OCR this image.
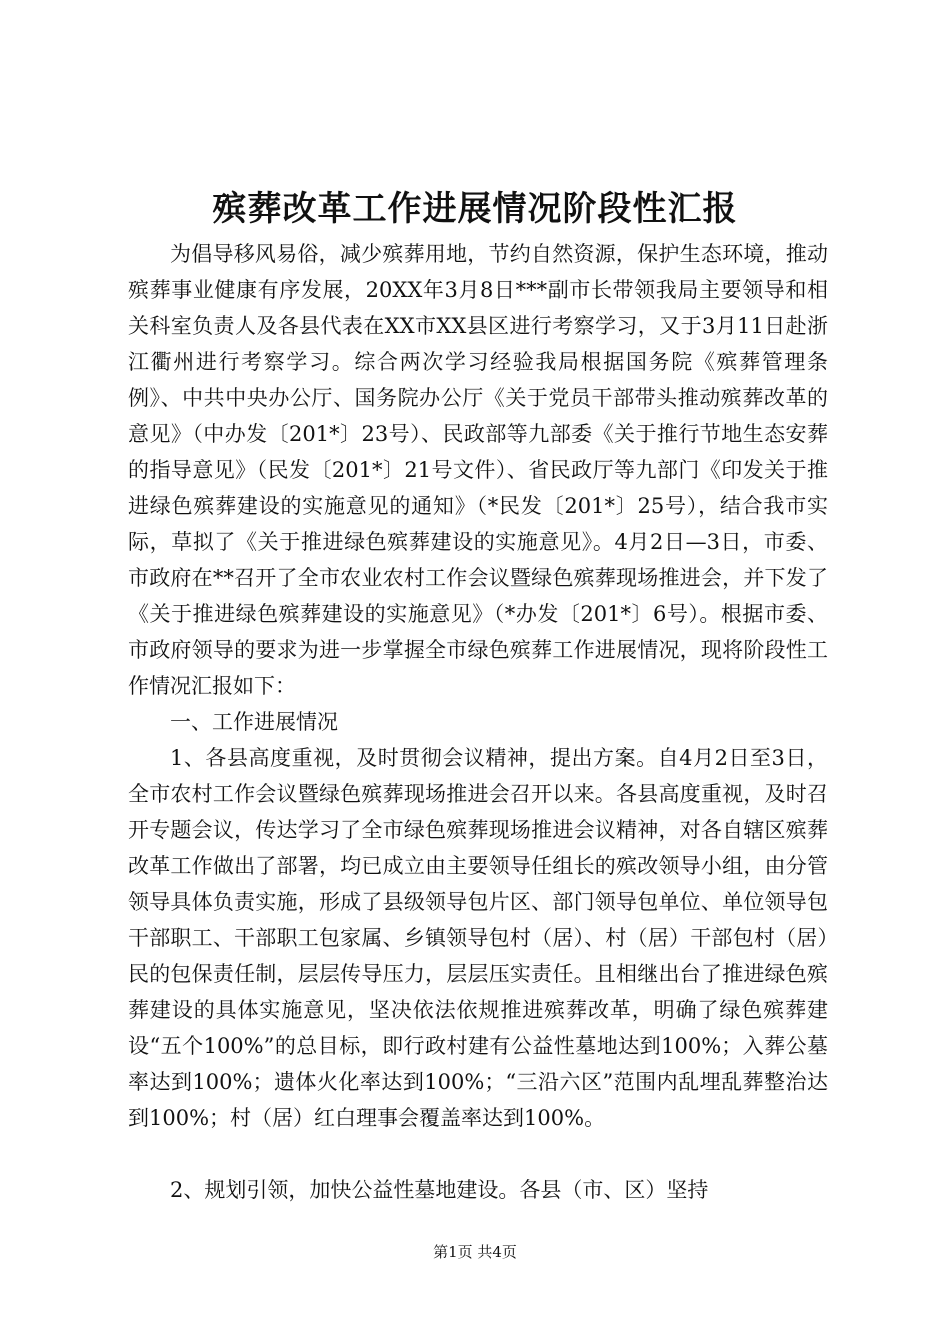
殡葬改革工作进展情况阶段性汇报

为倡导移风易俗，减少殡葬用地，节约自然资源，保护生态环境，推动殡葬事业健康有序发展，20XX年3月8日***副市长带领我局主要领导和相关科室负责人及各县代表在XX市XX县区进行考察学习，又于3月11日赴浙江衢州进行考察学习。综合两次学习经验我局根据国务院《殡葬管理条例》、中共中央办公厅、国务院办公厅《关于党员干部带头推动殡葬改革的意见》（中办发〔201*〕23号）、民政部等九部委《关于推行节地生态安葬的指导意见》（民发〔201*〕21号文件）、省民政厅等九部门《印发关于推进绿色殡葬建设的实施意见的通知》（*民发〔201*〕25号），结合我市实际，草拟了《关于推进绿色殡葬建设的实施意见》。4月2日—3日，市委、市政府在**召开了全市农业农村工作会议暨绿色殡葬现场推进会，并下发了《关于推进绿色殡葬建设的实施意见》（*办发〔201*〕6号）。根据市委、市政府领导的要求为进一步掌握全市绿色殡葬工作进展情况，现将阶段性工作情况汇报如下：

一、工作进展情况

1、各县高度重视，及时贯彻会议精神，提出方案。自4月2日至3日，全市农村工作会议暨绿色殡葬现场推进会召开以来。各县高度重视，及时召开专题会议，传达学习了全市绿色殡葬现场推进会议精神，对各自辖区殡葬改革工作做出了部署，均已成立由主要领导任组长的殡改领导小组，由分管领导具体负责实施，形成了县级领导包片区、部门领导包单位、单位领导包干部职工、干部职工包家属、乡镇领导包村（居）、村（居）干部包村（居）民的包保责任制，层层传导压力，层层压实责任。且相继出台了推进绿色殡葬建设的具体实施意见，坚决依法依规推进殡葬改革，明确了绿色殡葬建设“五个100%”的总目标，即行政村建有公益性墓地达到100%；入葬公墓率达到100%；遗体火化率达到100%；“三沿六区”范围内乱埋乱葬整治达到100%；村（居）红白理事会覆盖率达到100%。

2、规划引领，加快公益性墓地建设。各县（市、区）坚持

第1页 共4页
